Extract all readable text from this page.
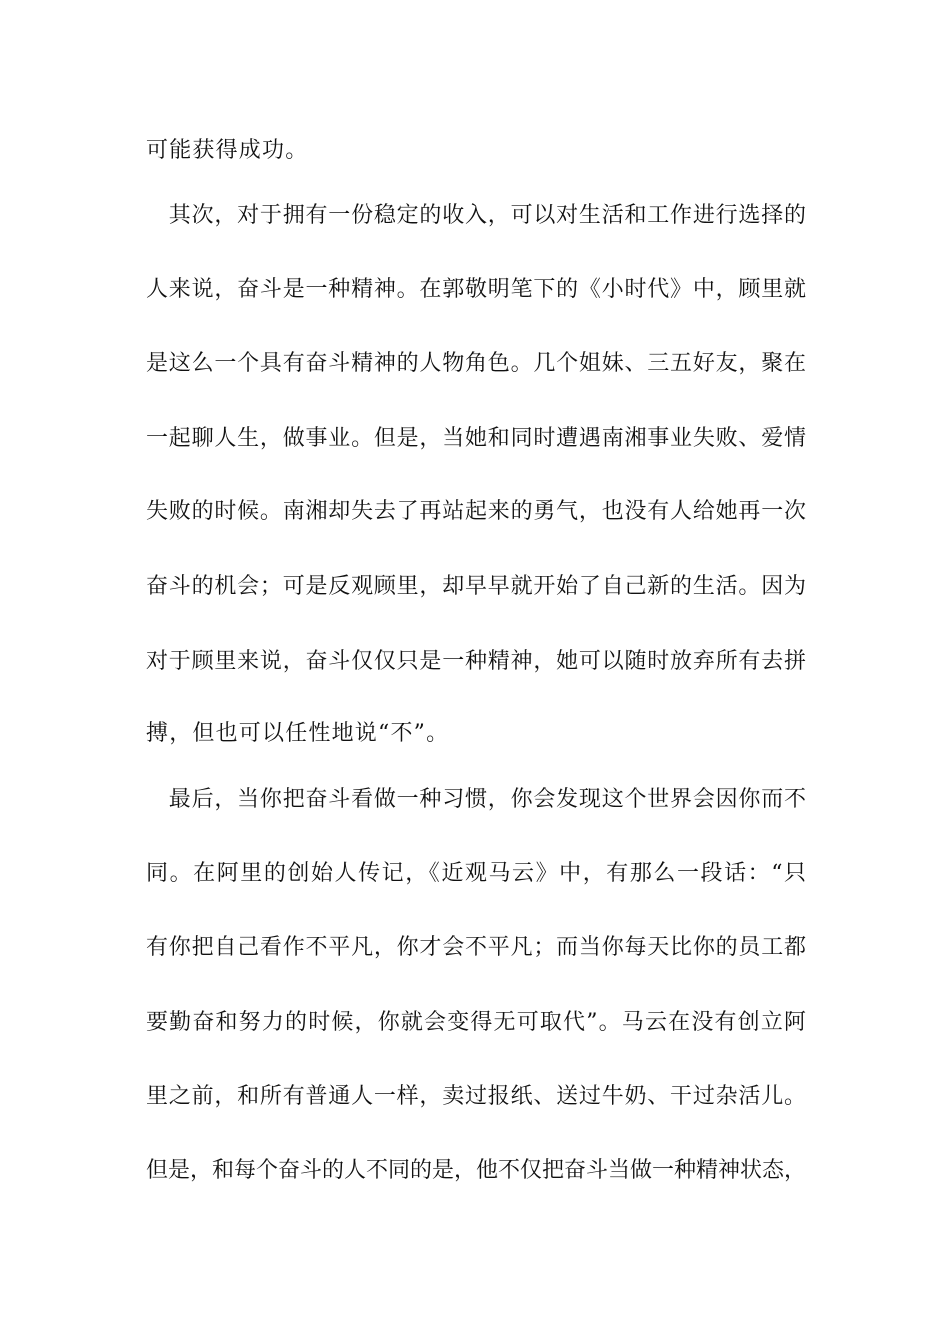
可能获得成功。

　其次，对于拥有一份稳定的收入，可以对生活和工作进行选择的

人来说，奋斗是一种精神。在郭敬明笔下的《小时代》中，顾里就

是这么一个具有奋斗精神的人物角色。几个姐妹、三五好友，聚在

一起聊人生，做事业。但是，当她和同时遭遇南湘事业失败、爱情

失败的时候。南湘却失去了再站起来的勇气，也没有人给她再一次

奋斗的机会；可是反观顾里，却早早就开始了自己新的生活。因为

对于顾里来说，奋斗仅仅只是一种精神，她可以随时放弃所有去拼

搏，但也可以任性地说“不”。

　最后，当你把奋斗看做一种习惯，你会发现这个世界会因你而不

同。在阿里的创始人传记，《近观马云》中，有那么一段话：“只

有你把自己看作不平凡，你才会不平凡；而当你每天比你的员工都

要勤奋和努力的时候，你就会变得无可取代”。马云在没有创立阿

里之前，和所有普通人一样，卖过报纸、送过牛奶、干过杂活儿。

但是，和每个奋斗的人不同的是，他不仅把奋斗当做一种精神状态，
